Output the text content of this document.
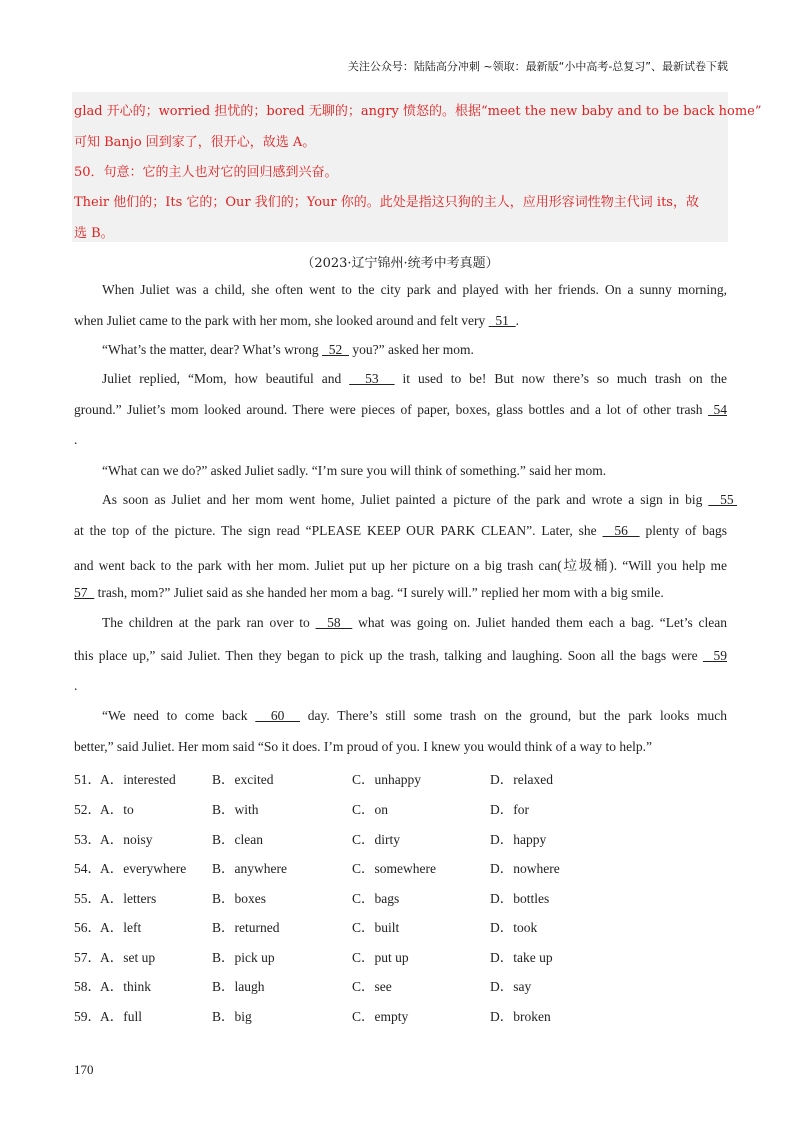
关注公众号：陆陆高分冲刺 ~领取：最新版“小中高考-总复习”、最新试卷下载
glad 开心的；worried 担忧的；bored 无聊的；angry 愤怒的。根据“meet the new baby and to be back home”
可知 Banjo 回到家了，很开心，故选 A。
50．句意：它的主人也对它的回归感到兴奋。
Their 他们的；Its 它的；Our 我们的；Your 你的。此处是指这只狗的主人，应用形容词性物主代词 its，故
选 B。
（2023·辽宁锦州·统考中考真题）
When Juliet was a child, she often went to the city park and played with her friends. On a sunny morning,
when Juliet came to the park with her mom, she looked around and felt very   51  .
“What’s the matter, dear? What’s wrong   52   you?” asked her mom.
Juliet replied, “Mom, how beautiful and   53   it used to be! But now there’s so much trash on the
ground.” Juliet’s mom looked around. There were pieces of paper, boxes, glass bottles and a lot of other trash  54
.
“What can we do?” asked Juliet sadly. “I’m sure you will think of something.” said her mom.
As soon as Juliet and her mom went home, Juliet painted a picture of the park and wrote a sign in big   55
at the top of the picture. The sign read “PLEASE KEEP OUR PARK CLEAN”. Later, she   56   plenty of bags
and went back to the park with her mom. Juliet put up her picture on a big trash can(垃圾桶). “Will you help me
57   trash, mom?” Juliet said as she handed her mom a bag. “I surely will.” replied her mom with a big smile.
The children at the park ran over to   58   what was going on. Juliet handed them each a bag. “Let’s clean
this place up,” said Juliet. Then they began to pick up the trash, talking and laughing. Soon all the bags were   59
.
“We need to come back   60   day. There’s still some trash on the ground, but the park looks much
better,” said Juliet. Her mom said “So it does. I’m proud of you. I knew you would think of a way to help.”
51． A．interested	B．excited	C．unhappy	D．relaxed
52． A．to	B．with	C．on	D．for
53． A．noisy	B．clean	C．dirty	D．happy
54． A．everywhere B．anywhere	C．somewhere	D．nowhere
55． A．letters	B．boxes	C．bags	D．bottles
56． A．left	B．returned	C．built	D．took
57． A．set up	B．pick up	C．put up	D．take up
58． A．think	B．laugh	C．see	D．say
59． A．full	B．big	C．empty	D．broken
170
